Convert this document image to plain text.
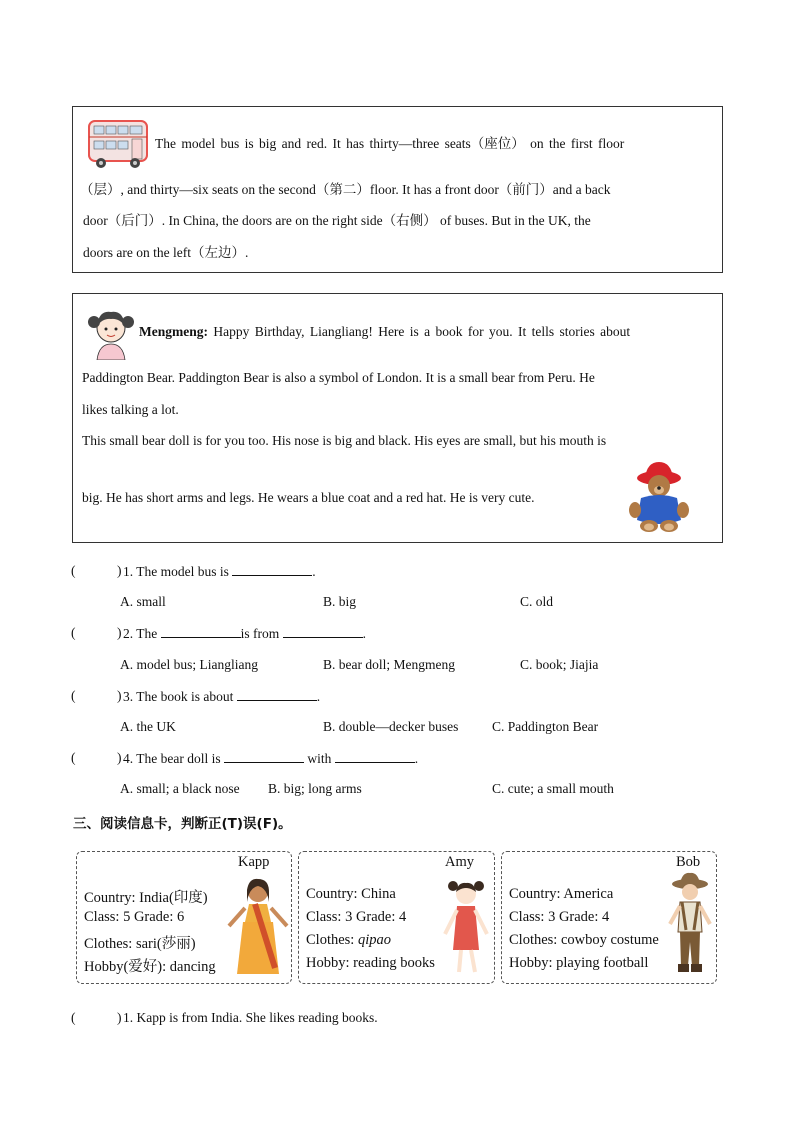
The model bus is big and red. It has thirty—three seats（座位） on the first floor
（层）, and thirty—six seats on the second（第二）floor. It has a front door（前门）and a back
door（后门）. In China, the doors are on the right side（右侧） of buses. But in the UK, the
doors are on the left（左边）.
Mengmeng: Happy Birthday, Liangliang! Here is a book for you. It tells stories about
Paddington Bear. Paddington Bear is also a symbol of London. It is a small bear from Peru. He
likes talking a lot.
This small bear doll is for you too. His nose is big and black. His eyes are small, but his mouth is
big. He has short arms and legs. He wears a blue coat and a red hat. He is very cute.
(	) 1. The model bus is	.
A. small	B. big	C. old
(	) 2. The	is from	.
A. model bus; Liangliang	B. bear doll; Mengmeng	C. book; Jiajia
(	) 3. The book is about	.
A. the UK	B. double—decker buses C. Paddington Bear
(	) 4. The bear doll is	with	.
A. small; a black nose B. big; long arms	C. cute; a small mouth
三、阅读信息卡，判断正(T)误(F)。
Kapp
Country: India(印度)
Class: 5 Grade: 6
Clothes: sari(莎丽)
Hobby(爱好): dancing
Amy
Country: China
Class: 3 Grade: 4
Clothes: qipao
Hobby: reading books
Bob
Country: America
Class: 3 Grade: 4
Clothes: cowboy costume
Hobby: playing football
(	) 1. Kapp is from India. She likes reading books.
